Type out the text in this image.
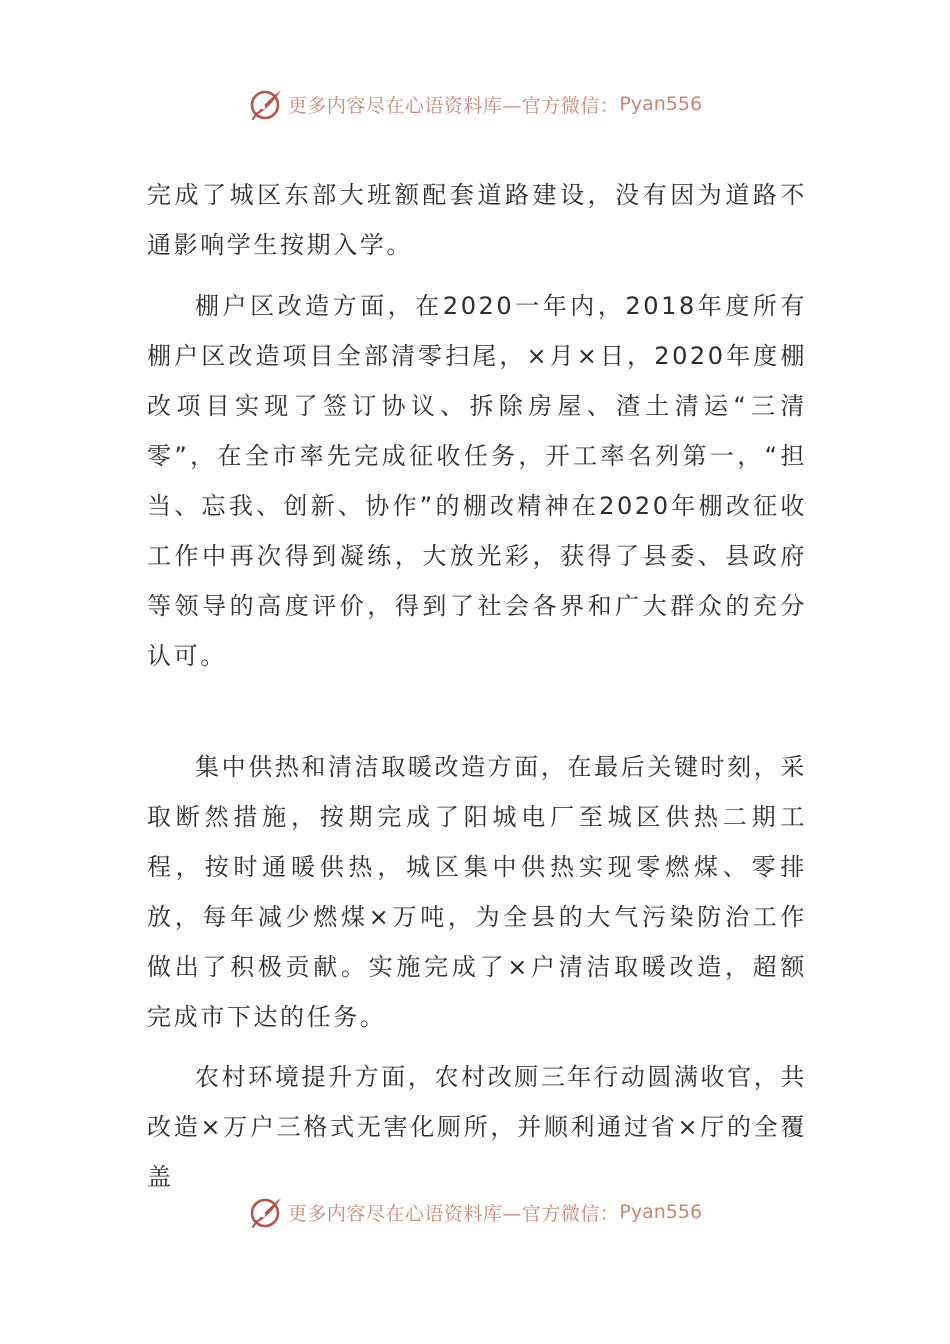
更多内容尽在心语资料库—官方微信： Pyan556

完成了城区东部大班额配套道路建设，没有因为道路不通影响学生按期入学。

棚户区改造方面，在2020一年内，2018年度所有棚户区改造项目全部清零扫尾，×月×日，2020年度棚改项目实现了签订协议、拆除房屋、渣土清运“三清零”，在全市率先完成征收任务，开工率名列第一，“担当、忘我、创新、协作”的棚改精神在2020年棚改征收工作中再次得到凝练，大放光彩，获得了县委、县政府等领导的高度评价，得到了社会各界和广大群众的充分认可。

集中供热和清洁取暖改造方面，在最后关键时刻，采取断然措施，按期完成了阳城电厂至城区供热二期工程，按时通暖供热，城区集中供热实现零燃煤、零排放，每年减少燃煤×万吨，为全县的大气污染防治工作做出了积极贡献。实施完成了×户清洁取暖改造，超额完成市下达的任务。

农村环境提升方面，农村改厕三年行动圆满收官，共改造×万户三格式无害化厕所，并顺利通过省×厅的全覆盖

更多内容尽在心语资料库—官方微信： Pyan556
